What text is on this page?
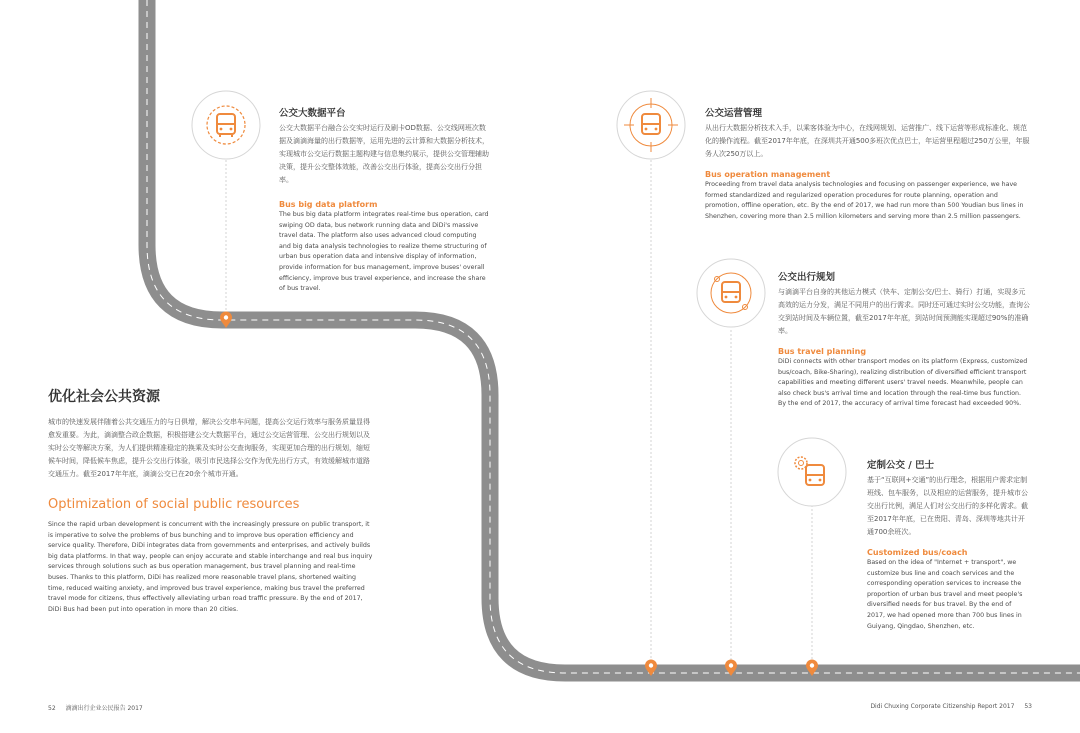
公交大数据平台
公交大数据平台融合公交实时运行及刷卡OD数据、公交线网班次数据及滴滴海量的出行数据等，运用先进的云计算和大数据分析技术，实现城市公交运行数据主题构建与信息集约展示，提供公交管理辅助决策，提升公交整体效能，改善公交出行体验，提高公交出行分担率。
Bus big data platform
The bus big data platform integrates real-time bus operation, card swiping OD data, bus network running data and DiDi's massive travel data. The platform also uses advanced cloud computing and big data analysis technologies to realize theme structuring of urban bus operation data and intensive display of information, provide information for bus management, improve buses' overall efficiency, improve bus travel experience, and increase the share of bus travel.
公交运营管理
从出行大数据分析技术入手，以乘客体验为中心，在线网规划、运营推广、线下运营等形成标准化、规范化的操作流程。截至2017年年底，在深圳共开通500多班次优点巴士，年运营里程超过250万公里，年服务人次250万以上。
Bus operation management
Proceeding from travel data analysis technologies and focusing on passenger experience, we have formed standardized and regularized operation procedures for route planning, operation and promotion, offline operation, etc. By the end of 2017, we had run more than 500 Youdian bus lines in Shenzhen, covering more than 2.5 million kilometers and serving more than 2.5 million passengers.
公交出行规划
与滴滴平台自身的其他运力模式（快车、定制公交/巴士、骑行）打通，实现多元高效的运力分发，满足不同用户的出行需求。同时还可通过实时公交功能，查询公交到站时间及车辆位置，截至2017年年底，到站时间预测能实现超过90%的准确率。
Bus travel planning
DiDi connects with other transport modes on its platform (Express, customized bus/coach, Bike-Sharing), realizing distribution of diversified efficient transport capabilities and meeting different users' travel needs. Meanwhile, people can also check bus's arrival time and location through the real-time bus function. By the end of 2017, the accuracy of arrival time forecast had exceeded 90%.
定制公交 / 巴士
基于“互联网+交通”的出行理念，根据用户需求定制班线、包车服务，以及相应的运营服务，提升城市公交出行比例，满足人们对公交出行的多样化需求。截至2017年年底，已在贵阳、青岛、深圳等地共计开通700余班次。
Customized bus/coach
Based on the idea of "Internet + transport", we customize bus line and coach services and the corresponding operation services to increase the proportion of urban bus travel and meet people's diversified needs for bus travel. By the end of 2017, we had opened more than 700 bus lines in Guiyang, Qingdao, Shenzhen, etc.
优化社会公共资源
城市的快速发展伴随着公共交通压力的与日俱增，解决公交串车问题，提高公交运行效率与服务质量显得愈发重要。为此，滴滴整合政企数据，积极搭建公交大数据平台，通过公交运营管理、公交出行规划以及实时公交等解决方案，为人们提供精准稳定的换乘及实时公交查询服务，实现更加合理的出行规划，缩短候车时间，降低候车焦虑，提升公交出行体验，吸引市民选择公交作为优先出行方式，有效缓解城市道路交通压力。截至2017年年底，滴滴公交已在20余个城市开通。
Optimization of social public resources
Since the rapid urban development is concurrent with the increasingly pressure on public transport, it is imperative to solve the problems of bus bunching and to improve bus operation efficiency and service quality. Therefore, DiDi integrates data from governments and enterprises, and actively builds big data platforms. In that way, people can enjoy accurate and stable interchange and real bus inquiry services through solutions such as bus operation management, bus travel planning and real-time buses. Thanks to this platform, DiDi has realized more reasonable travel plans, shortened waiting time, reduced waiting anxiety, and improved bus travel experience, making bus travel the preferred travel mode for citizens, thus effectively alleviating urban road traffic pressure. By the end of 2017, DiDi Bus had been put into operation in more than 20 cities.
52 滴滴出行企业公民报告 2017	Didi Chuxing Corporate Citizenship Report 2017 53
